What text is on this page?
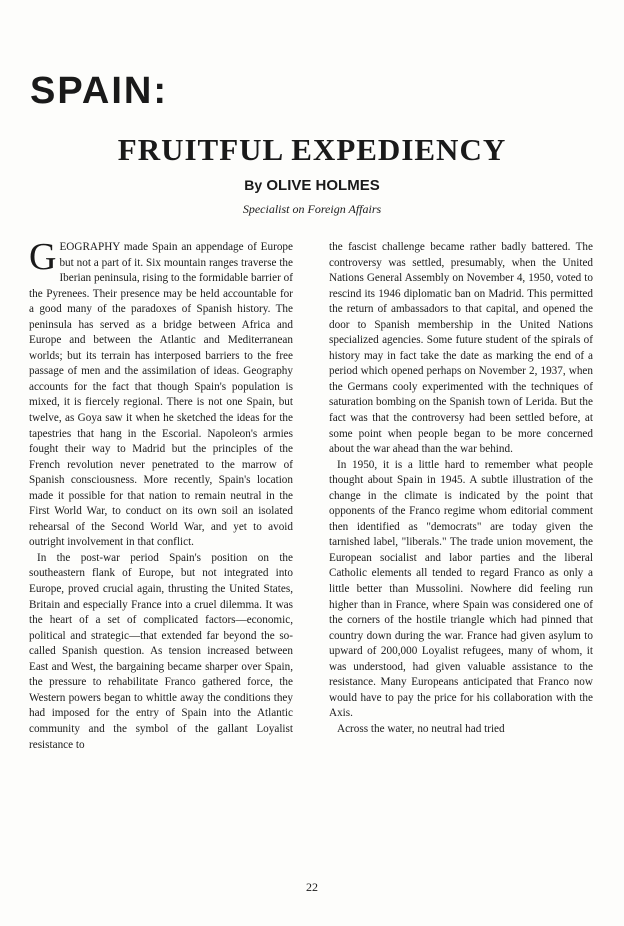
SPAIN:
FRUITFUL EXPEDIENCY
By OLIVE HOLMES
Specialist on Foreign Affairs

GEOGRAPHY made Spain an appendage of Europe but not a part of it. Six mountain ranges traverse the Iberian peninsula, rising to the formidable barrier of the Pyrenees. Their presence may be held accountable for a good many of the paradoxes of Spanish history. The peninsula has served as a bridge between Africa and Europe and between the Atlantic and Mediterranean worlds; but its terrain has interposed barriers to the free passage of men and the assimilation of ideas. Geography accounts for the fact that though Spain's population is mixed, it is fiercely regional. There is not one Spain, but twelve, as Goya saw it when he sketched the ideas for the tapestries that hang in the Escorial. Napoleon's armies fought their way to Madrid but the principles of the French revolution never penetrated to the marrow of Spanish consciousness. More recently, Spain's location made it possible for that nation to remain neutral in the First World War, to conduct on its own soil an isolated rehearsal of the Second World War, and yet to avoid outright involvement in that conflict.

In the post-war period Spain's position on the southeastern flank of Europe, but not integrated into Europe, proved crucial again, thrusting the United States, Britain and especially France into a cruel dilemma. It was the heart of a set of complicated factors—economic, political and strategic—that extended far beyond the so-called Spanish question. As tension increased between East and West, the bargaining became sharper over Spain, the pressure to rehabilitate Franco gathered force, the Western powers began to whittle away the conditions they had imposed for the entry of Spain into the Atlantic community and the symbol of the gallant Loyalist resistance to

the fascist challenge became rather badly battered. The controversy was settled, presumably, when the United Nations General Assembly on November 4, 1950, voted to rescind its 1946 diplomatic ban on Madrid. This permitted the return of ambassadors to that capital, and opened the door to Spanish membership in the United Nations specialized agencies. Some future student of the spirals of history may in fact take the date as marking the end of a period which opened perhaps on November 2, 1937, when the Germans cooly experimented with the techniques of saturation bombing on the Spanish town of Lerida. But the fact was that the controversy had been settled before, at some point when people began to be more concerned about the war ahead than the war behind.

In 1950, it is a little hard to remember what people thought about Spain in 1945. A subtle illustration of the change in the climate is indicated by the point that opponents of the Franco regime whom editorial comment then identified as "democrats" are today given the tarnished label, "liberals." The trade union movement, the European socialist and labor parties and the liberal Catholic elements all tended to regard Franco as only a little better than Mussolini. Nowhere did feeling run higher than in France, where Spain was considered one of the corners of the hostile triangle which had pinned that country down during the war. France had given asylum to upward of 200,000 Loyalist refugees, many of whom, it was understood, had given valuable assistance to the resistance. Many Europeans anticipated that Franco now would have to pay the price for his collaboration with the Axis.

Across the water, no neutral had tried

22
